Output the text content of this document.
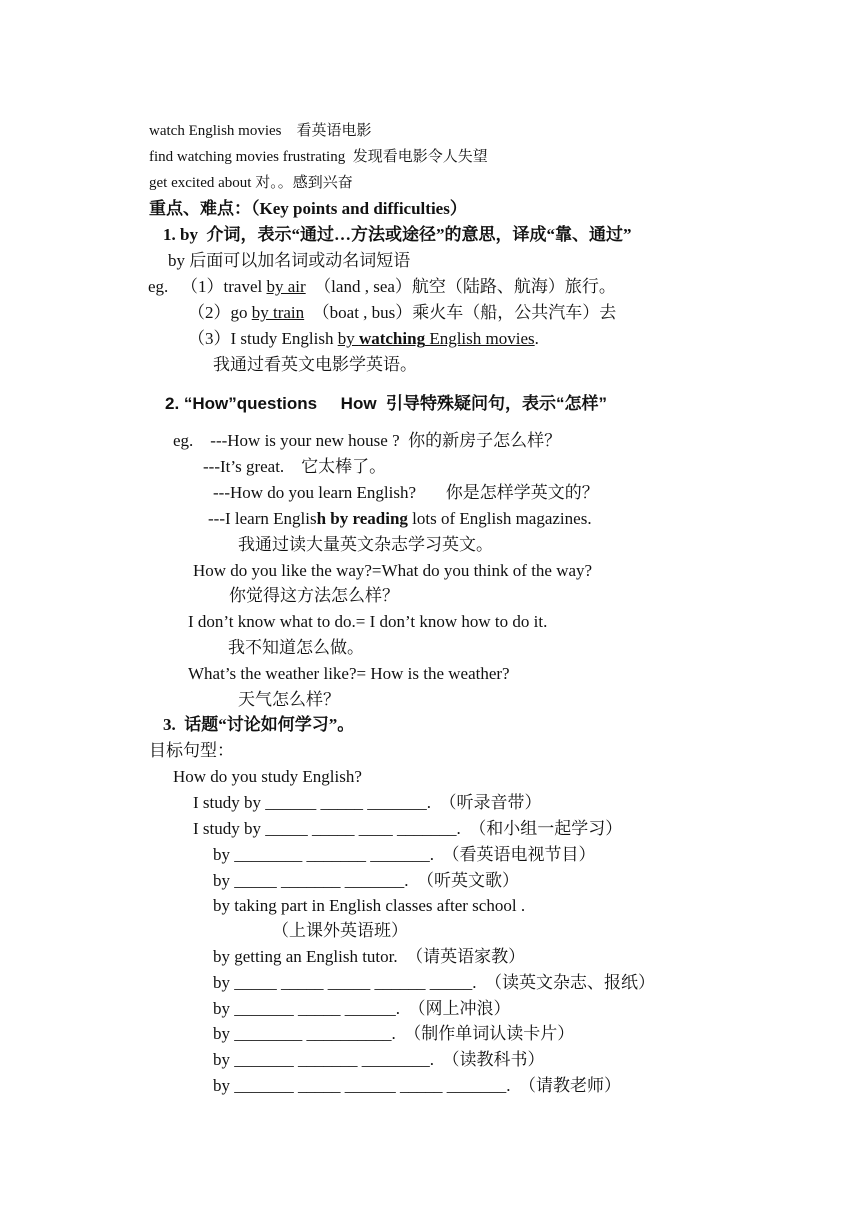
watch English movies    看英语电影
find watching movies frustrating  发现看电影令人失望
get excited about 对。。感到兴奋
重点、难点：（Key points and difficulties）
1. by  介词，表示“通过…方法或途径”的意思，译成“靠、通过”
by 后面可以加名词或动名词短语
eg.   （1）travel by air  （land , sea）航空（陆路、航海）旅行。
（2）go by train  （boat , bus）乘火车（船，公共汽车）去
（3）I study English by watching English movies.
我通过看英文电影学英语。
2. “How”questions     How  引导特殊疑问句，表示“怎样”
eg.    ---How is your new house ?  你的新房子怎么样？
---It’s great.    它太棒了。
---How do you learn English?       你是怎样学英文的？
---I learn English by reading lots of English magazines.
我通过读大量英文杂志学习英文。
How do you like the way?=What do you think of the way?
你觉得这方法怎么样？
I don’t know what to do.= I don’t know how to do it.
我不知道怎么做。
What’s the weather like?= How is the weather?
天气怎么样？
3.  话题“讨论如何学习”。
目标句型：
How do you study English?
I study by ______ _____ _______.  （听录音带）
I study by _____ _____ ____ _______.  （和小组一起学习）
by ________ _______ _______.  （看英语电视节目）
by _____ _______ _______.  （听英文歌）
by taking part in English classes after school .
（上课外英语班）
by getting an English tutor.  （请英语家教）
by _____ _____ _____ ______ _____.  （读英文杂志、报纸）
by _______ _____ ______.  （网上冲浪）
by ________ __________.  （制作单词认读卡片）
by _______ _______ ________.  （读教科书）
by _______ _____ ______ _____ _______.  （请教老师）
